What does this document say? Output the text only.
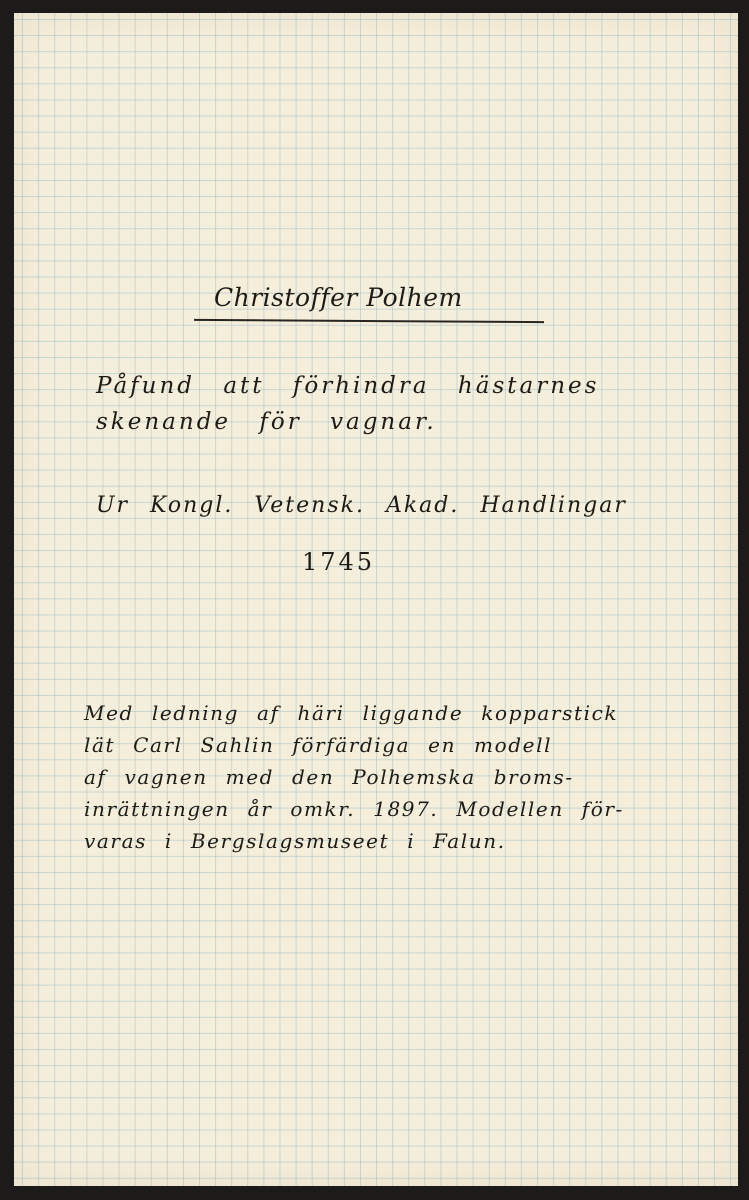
Christoffer Polhem
Påfund att förhindra hästarnes
skenande för vagnar.
Ur Kongl. Vetensk. Akad. Handlingar
1745
Med ledning af häri liggande kopparstick
lät Carl Sahlin förfärdiga en modell
af vagnen med den Polhemska broms-
inrättningen år omkr. 1897. Modellen för-
varas i Bergslagsmuseet i Falun.
